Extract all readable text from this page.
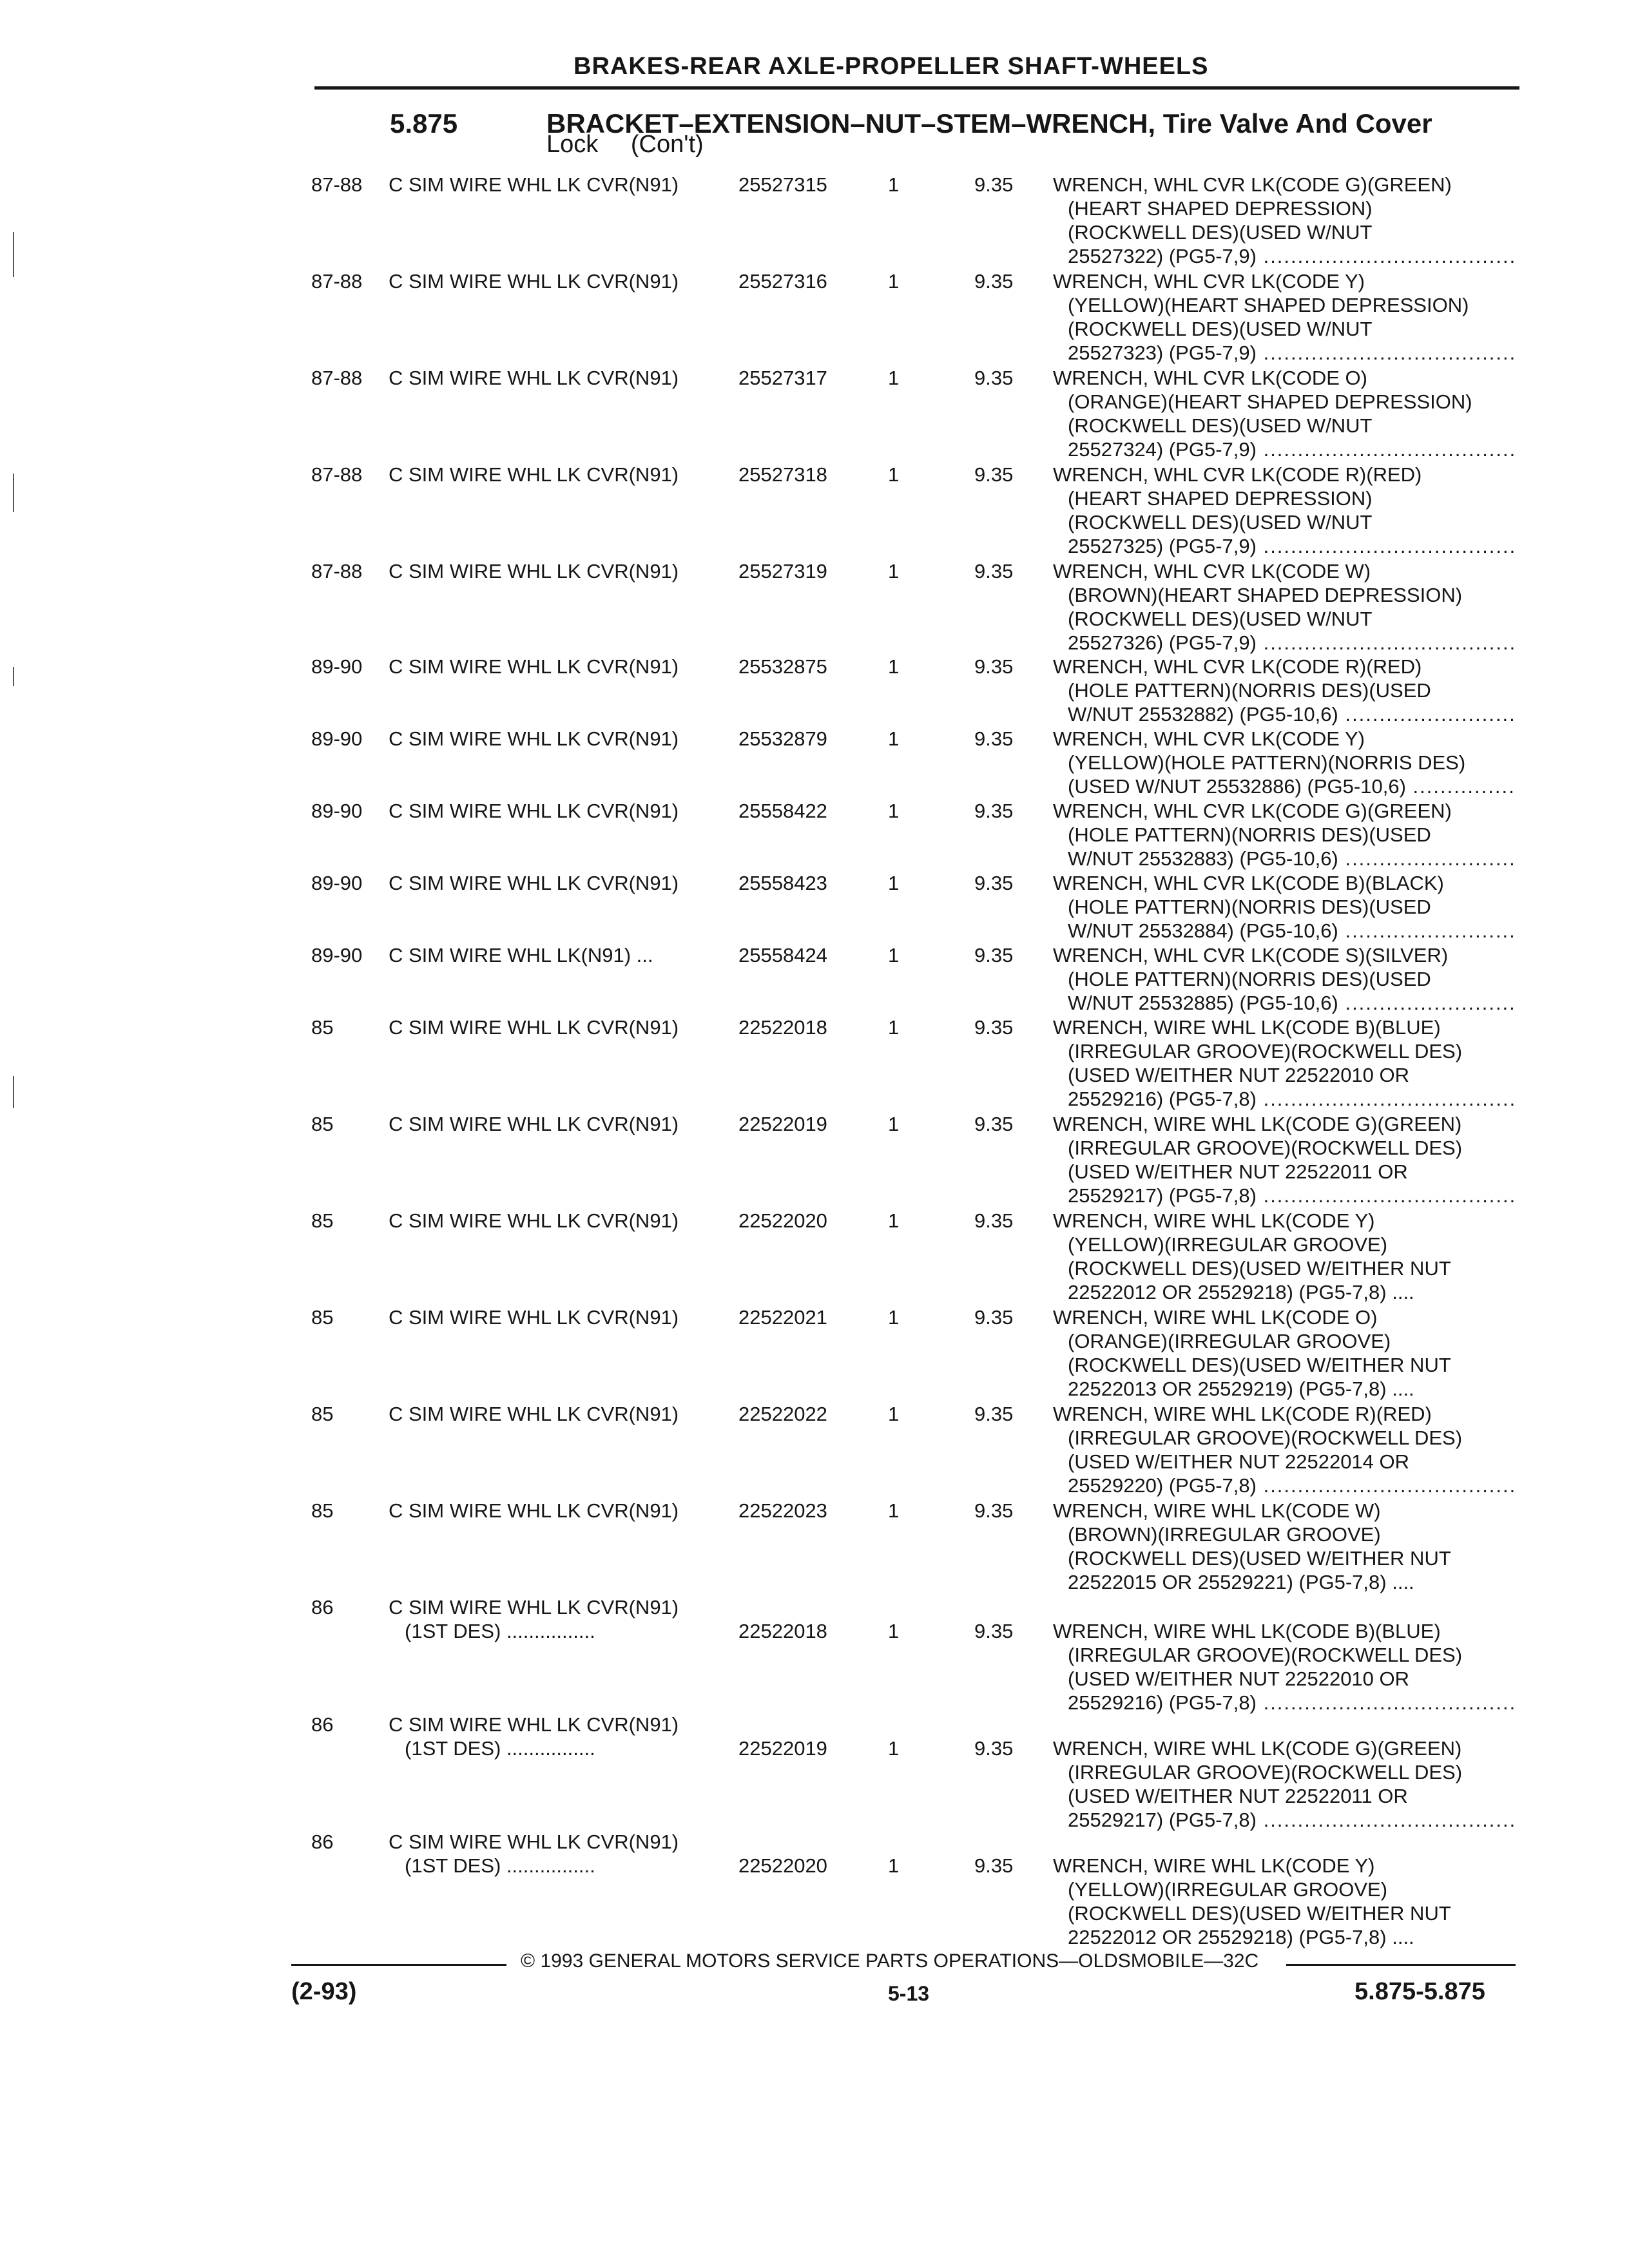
BRAKES-REAR AXLE-PROPELLER SHAFT-WHEELS
5.875	BRACKET–EXTENSION–NUT–STEM–WRENCH, Tire Valve And Cover
Lock (Con't)
87-88 C SIM WIRE WHL LK CVR(N91)	25527315	1	9.35 WRENCH, WHL CVR LK(CODE G)(GREEN)
(HEART SHAPED DEPRESSION)
(ROCKWELL DES)(USED W/NUT
25527322) (PG5-7,9) .....
87-88 C SIM WIRE WHL LK CVR(N91)	25527316	1	9.35 WRENCH, WHL CVR LK(CODE Y)
(YELLOW)(HEART SHAPED DEPRESSION)
(ROCKWELL DES)(USED W/NUT
25527323) (PG5-7,9) .....
87-88 C SIM WIRE WHL LK CVR(N91)	25527317	1	9.35 WRENCH, WHL CVR LK(CODE O)
(ORANGE)(HEART SHAPED DEPRESSION)
(ROCKWELL DES)(USED W/NUT
25527324) (PG5-7,9) .....
87-88 C SIM WIRE WHL LK CVR(N91)	25527318	1	9.35 WRENCH, WHL CVR LK(CODE R)(RED)
(HEART SHAPED DEPRESSION)
(ROCKWELL DES)(USED W/NUT
25527325) (PG5-7,9) .....
87-88 C SIM WIRE WHL LK CVR(N91)	25527319	1	9.35 WRENCH, WHL CVR LK(CODE W)
(BROWN)(HEART SHAPED DEPRESSION)
(ROCKWELL DES)(USED W/NUT
25527326) (PG5-7,9) .....
89-90 C SIM WIRE WHL LK CVR(N91)	25532875	1	9.35 WRENCH, WHL CVR LK(CODE R)(RED)
(HOLE PATTERN)(NORRIS DES)(USED
W/NUT 25532882) (PG5-10,6) .....
89-90 C SIM WIRE WHL LK CVR(N91)	25532879	1	9.35 WRENCH, WHL CVR LK(CODE Y)
(YELLOW)(HOLE PATTERN)(NORRIS DES)
(USED W/NUT 25532886) (PG5-10,6) .....
89-90 C SIM WIRE WHL LK CVR(N91)	25558422	1	9.35 WRENCH, WHL CVR LK(CODE G)(GREEN)
(HOLE PATTERN)(NORRIS DES)(USED
W/NUT 25532883) (PG5-10,6) .....
89-90 C SIM WIRE WHL LK CVR(N91)	25558423	1	9.35 WRENCH, WHL CVR LK(CODE B)(BLACK)
(HOLE PATTERN)(NORRIS DES)(USED
W/NUT 25532884) (PG5-10,6) .....
89-90 C SIM WIRE WHL LK(N91) ...	25558424	1	9.35 WRENCH, WHL CVR LK(CODE S)(SILVER)
(HOLE PATTERN)(NORRIS DES)(USED
W/NUT 25532885) (PG5-10,6) .....
85	C SIM WIRE WHL LK CVR(N91)	22522018	1	9.35 WRENCH, WIRE WHL LK(CODE B)(BLUE)
(IRREGULAR GROOVE)(ROCKWELL DES)
(USED W/EITHER NUT 22522010 OR
25529216) (PG5-7,8) .....
85	C SIM WIRE WHL LK CVR(N91)	22522019	1	9.35 WRENCH, WIRE WHL LK(CODE G)(GREEN)
(IRREGULAR GROOVE)(ROCKWELL DES)
(USED W/EITHER NUT 22522011 OR
25529217) (PG5-7,8) .....
85	C SIM WIRE WHL LK CVR(N91)	22522020	1	9.35 WRENCH, WIRE WHL LK(CODE Y)
(YELLOW)(IRREGULAR GROOVE)
(ROCKWELL DES)(USED W/EITHER NUT
22522012 OR 25529218) (PG5-7,8) ....
85	C SIM WIRE WHL LK CVR(N91)	22522021	1	9.35 WRENCH, WIRE WHL LK(CODE O)
(ORANGE)(IRREGULAR GROOVE)
(ROCKWELL DES)(USED W/EITHER NUT
22522013 OR 25529219) (PG5-7,8) ....
85	C SIM WIRE WHL LK CVR(N91)	22522022	1	9.35 WRENCH, WIRE WHL LK(CODE R)(RED)
(IRREGULAR GROOVE)(ROCKWELL DES)
(USED W/EITHER NUT 22522014 OR
25529220) (PG5-7,8) .....
85	C SIM WIRE WHL LK CVR(N91)	22522023	1	9.35 WRENCH, WIRE WHL LK(CODE W)
(BROWN)(IRREGULAR GROOVE)
(ROCKWELL DES)(USED W/EITHER NUT
22522015 OR 25529221) (PG5-7,8) ....
86	C SIM WIRE WHL LK CVR(N91)
(1ST DES) ................	22522018	1	9.35 WRENCH, WIRE WHL LK(CODE B)(BLUE)
(IRREGULAR GROOVE)(ROCKWELL DES)
(USED W/EITHER NUT 22522010 OR
25529216) (PG5-7,8) .....
86	C SIM WIRE WHL LK CVR(N91)
(1ST DES) ................	22522019	1	9.35 WRENCH, WIRE WHL LK(CODE G)(GREEN)
(IRREGULAR GROOVE)(ROCKWELL DES)
(USED W/EITHER NUT 22522011 OR
25529217) (PG5-7,8) .....
86	C SIM WIRE WHL LK CVR(N91)
(1ST DES) ................	22522020	1	9.35 WRENCH, WIRE WHL LK(CODE Y)
(YELLOW)(IRREGULAR GROOVE)
(ROCKWELL DES)(USED W/EITHER NUT
22522012 OR 25529218) (PG5-7,8) ....
© 1993 GENERAL MOTORS SERVICE PARTS OPERATIONS—OLDSMOBILE—32C
(2-93)	5-13	5.875-5.875
